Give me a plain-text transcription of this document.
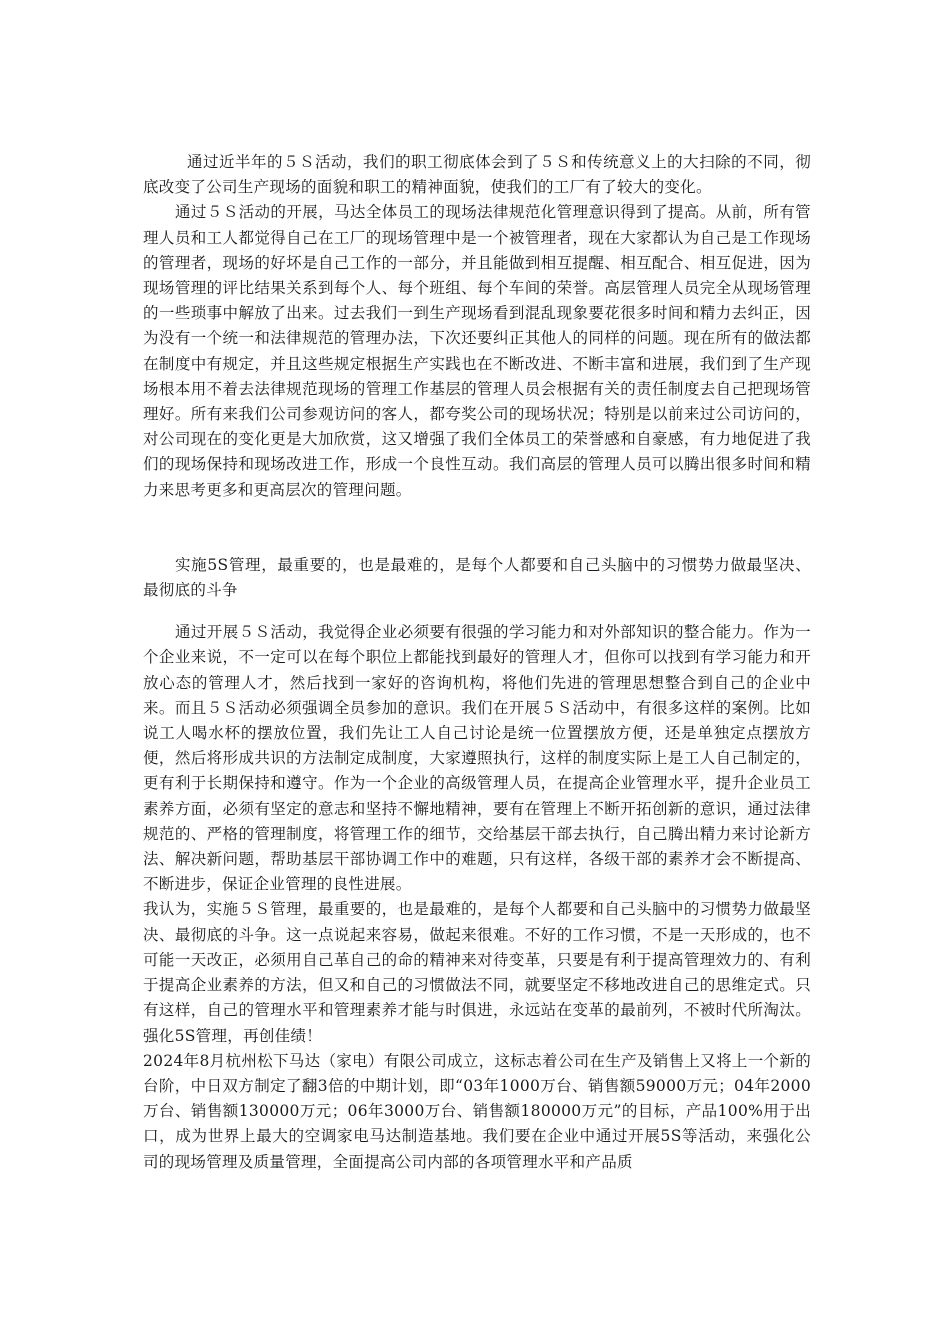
通过近半年的５Ｓ活动，我们的职工彻底体会到了５Ｓ和传统意义上的大扫除的不同，彻底改变了公司生产现场的面貌和职工的精神面貌，使我们的工厂有了较大的变化。

通过５Ｓ活动的开展，马达全体员工的现场法律规范化管理意识得到了提高。从前，所有管理人员和工人都觉得自己在工厂的现场管理中是一个被管理者，现在大家都认为自己是工作现场的管理者，现场的好坏是自己工作的一部分，并且能做到相互提醒、相互配合、相互促进，因为现场管理的评比结果关系到每个人、每个班组、每个车间的荣誉。高层管理人员完全从现场管理的一些琐事中解放了出来。过去我们一到生产现场看到混乱现象要花很多时间和精力去纠正，因为没有一个统一和法律规范的管理办法，下次还要纠正其他人的同样的问题。现在所有的做法都在制度中有规定，并且这些规定根据生产实践也在不断改进、不断丰富和进展，我们到了生产现场根本用不着去法律规范现场的管理工作基层的管理人员会根据有关的责任制度去自己把现场管理好。所有来我们公司参观访问的客人，都夸奖公司的现场状况；特别是以前来过公司访问的，对公司现在的变化更是大加欣赏，这又增强了我们全体员工的荣誉感和自豪感，有力地促进了我们的现场保持和现场改进工作，形成一个良性互动。我们高层的管理人员可以腾出很多时间和精力来思考更多和更高层次的管理问题。

实施5S管理，最重要的，也是最难的，是每个人都要和自己头脑中的习惯势力做最坚决、最彻底的斗争

通过开展５Ｓ活动，我觉得企业必须要有很强的学习能力和对外部知识的整合能力。作为一个企业来说，不一定可以在每个职位上都能找到最好的管理人才，但你可以找到有学习能力和开放心态的管理人才，然后找到一家好的咨询机构，将他们先进的管理思想整合到自己的企业中来。而且５Ｓ活动必须强调全员参加的意识。我们在开展５Ｓ活动中，有很多这样的案例。比如说工人喝水杯的摆放位置，我们先让工人自己讨论是统一位置摆放方便，还是单独定点摆放方便，然后将形成共识的方法制定成制度，大家遵照执行，这样的制度实际上是工人自己制定的，更有利于长期保持和遵守。作为一个企业的高级管理人员，在提高企业管理水平，提升企业员工素养方面，必须有坚定的意志和坚持不懈地精神，要有在管理上不断开拓创新的意识，通过法律规范的、严格的管理制度，将管理工作的细节，交给基层干部去执行，自己腾出精力来讨论新方法、解决新问题，帮助基层干部协调工作中的难题，只有这样，各级干部的素养才会不断提高、不断进步，保证企业管理的良性进展。

我认为，实施５Ｓ管理，最重要的，也是最难的，是每个人都要和自己头脑中的习惯势力做最坚决、最彻底的斗争。这一点说起来容易，做起来很难。不好的工作习惯，不是一天形成的，也不可能一天改正，必须用自己革自己的命的精神来对待变革，只要是有利于提高管理效力的、有利于提高企业素养的方法，但又和自己的习惯做法不同，就要坚定不移地改进自己的思维定式。只有这样，自己的管理水平和管理素养才能与时俱进，永远站在变革的最前列，不被时代所淘汰。 强化5S管理，再创佳绩！

2024年8月杭州松下马达（家电）有限公司成立，这标志着公司在生产及销售上又将上一个新的台阶，中日双方制定了翻3倍的中期计划，即“03年1000万台、销售额59000万元；04年2000万台、销售额130000万元；06年3000万台、销售额180000万元”的目标，产品100%用于出口，成为世界上最大的空调家电马达制造基地。我们要在企业中通过开展5S等活动，来强化公司的现场管理及质量管理，全面提高公司内部的各项管理水平和产品质
